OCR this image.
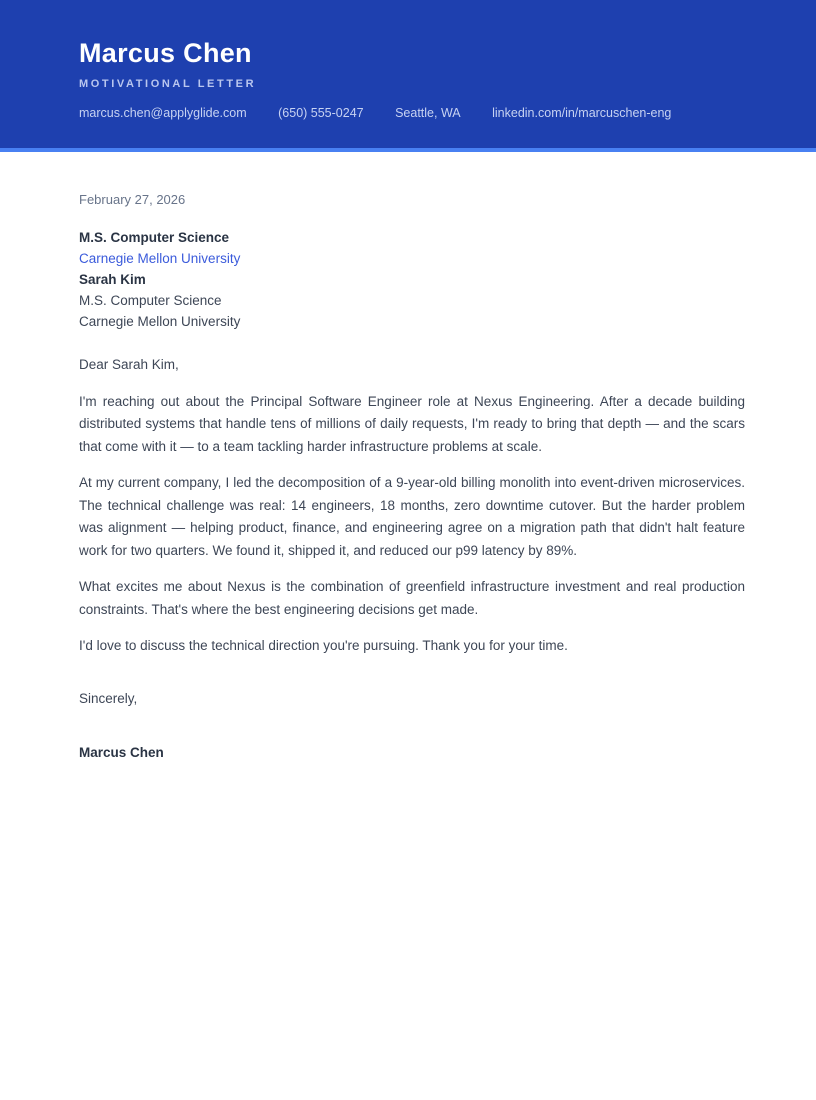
Marcus Chen
MOTIVATIONAL LETTER
marcus.chen@applyglide.com	(650) 555-0247	Seattle, WA	linkedin.com/in/marcuschen-eng
February 27, 2026
M.S. Computer Science
Carnegie Mellon University
Sarah Kim
M.S. Computer Science
Carnegie Mellon University

Dear Sarah Kim,

I'm reaching out about the Principal Software Engineer role at Nexus Engineering. After a decade building distributed systems that handle tens of millions of daily requests, I'm ready to bring that depth — and the scars that come with it — to a team tackling harder infrastructure problems at scale.

At my current company, I led the decomposition of a 9-year-old billing monolith into event-driven microservices. The technical challenge was real: 14 engineers, 18 months, zero downtime cutover. But the harder problem was alignment — helping product, finance, and engineering agree on a migration path that didn't halt feature work for two quarters. We found it, shipped it, and reduced our p99 latency by 89%.

What excites me about Nexus is the combination of greenfield infrastructure investment and real production constraints. That's where the best engineering decisions get made.

I'd love to discuss the technical direction you're pursuing. Thank you for your time.

Sincerely,

Marcus Chen
